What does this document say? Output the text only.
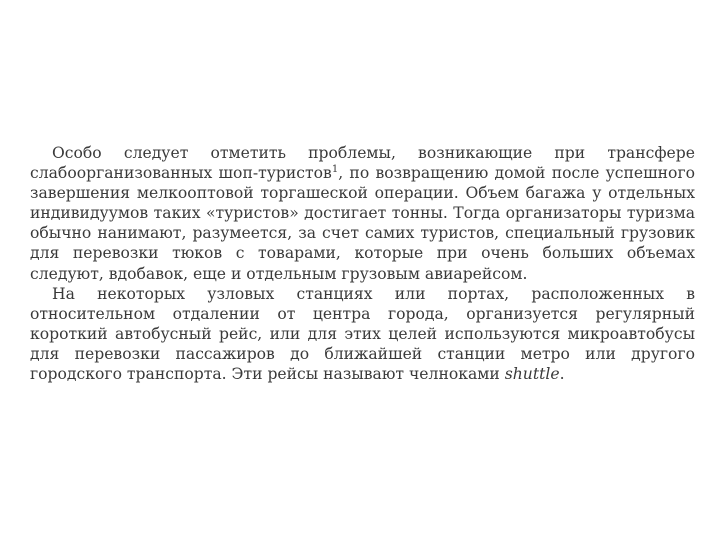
Особо следует отметить проблемы, возникающие при трансфере слабоорганизованных шоп-туристов$^1$, по возвращению домой после успешного завершения мелкооптовой торгашеской операции. Объем багажа у отдельных индивидуумов таких «туристов» достигает тонны. Тогда организаторы туризма обычно нанимают, разумеется, за счет самих туристов, специальный грузовик для перевозки тюков с товарами, которые при очень больших объемах следуют, вдобавок, еще и отдельным грузовым авиарейсом.

На некоторых узловых станциях или портах, расположенных в относительном отдалении от центра города, организуется регулярный короткий автобусный рейс, или для этих целей используются микроавтобусы для перевозки пассажиров до ближайшей станции метро или другого городского транспорта. Эти рейсы называют челноками shuttle.
